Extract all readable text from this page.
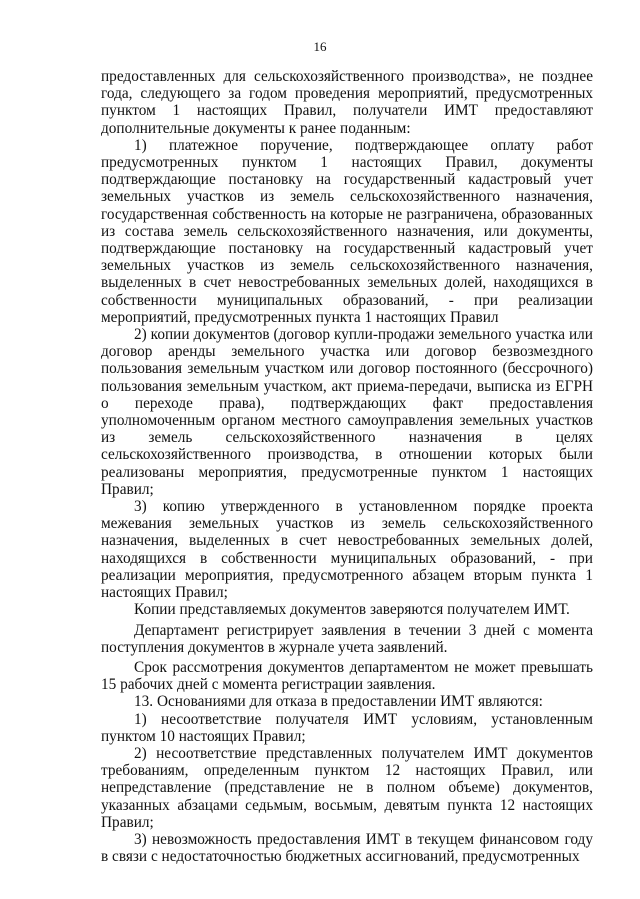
16

предоставленных для сельскохозяйственного производства», не позднее года, следующего за годом проведения мероприятий, предусмотренных пунктом 1 настоящих Правил, получатели ИМТ предоставляют дополнительные документы к ранее поданным:

1) платежное поручение, подтверждающее оплату работ предусмотренных пунктом 1 настоящих Правил, документы подтверждающие постановку на государственный кадастровый учет земельных участков из земель сельскохозяйственного назначения, государственная собственность на которые не разграничена, образованных из состава земель сельскохозяйственного назначения, или документы, подтверждающие постановку на государственный кадастровый учет земельных участков из земель сельскохозяйственного назначения, выделенных в счет невостребованных земельных долей, находящихся в собственности муниципальных образований, - при реализации мероприятий, предусмотренных пункта 1 настоящих Правил

2) копии документов (договор купли-продажи земельного участка или договор аренды земельного участка или договор безвозмездного пользования земельным участком или договор постоянного (бессрочного) пользования земельным участком, акт приема-передачи, выписка из ЕГРН о переходе права), подтверждающих факт предоставления уполномоченным органом местного самоуправления земельных участков из земель сельскохозяйственного назначения в целях сельскохозяйственного производства, в отношении которых были реализованы мероприятия, предусмотренные пунктом 1 настоящих Правил;

3) копию утвержденного в установленном порядке проекта межевания земельных участков из земель сельскохозяйственного назначения, выделенных в счет невостребованных земельных долей, находящихся в собственности муниципальных образований, - при реализации мероприятия, предусмотренного абзацем вторым пункта 1 настоящих Правил;

Копии представляемых документов заверяются получателем ИМТ.

Департамент регистрирует заявления в течении 3 дней с момента поступления документов в журнале учета заявлений.

Срок рассмотрения документов департаментом не может превышать 15 рабочих дней с момента регистрации заявления.

13. Основаниями для отказа в предоставлении ИМТ являются:

1) несоответствие получателя ИМТ условиям, установленным пунктом 10 настоящих Правил;

2) несоответствие представленных получателем ИМТ документов требованиям, определенным пунктом 12 настоящих Правил, или непредставление (представление не в полном объеме) документов, указанных абзацами седьмым, восьмым, девятым пункта 12 настоящих Правил;

3) невозможность предоставления ИМТ в текущем финансовом году в связи с недостаточностью бюджетных ассигнований, предусмотренных
